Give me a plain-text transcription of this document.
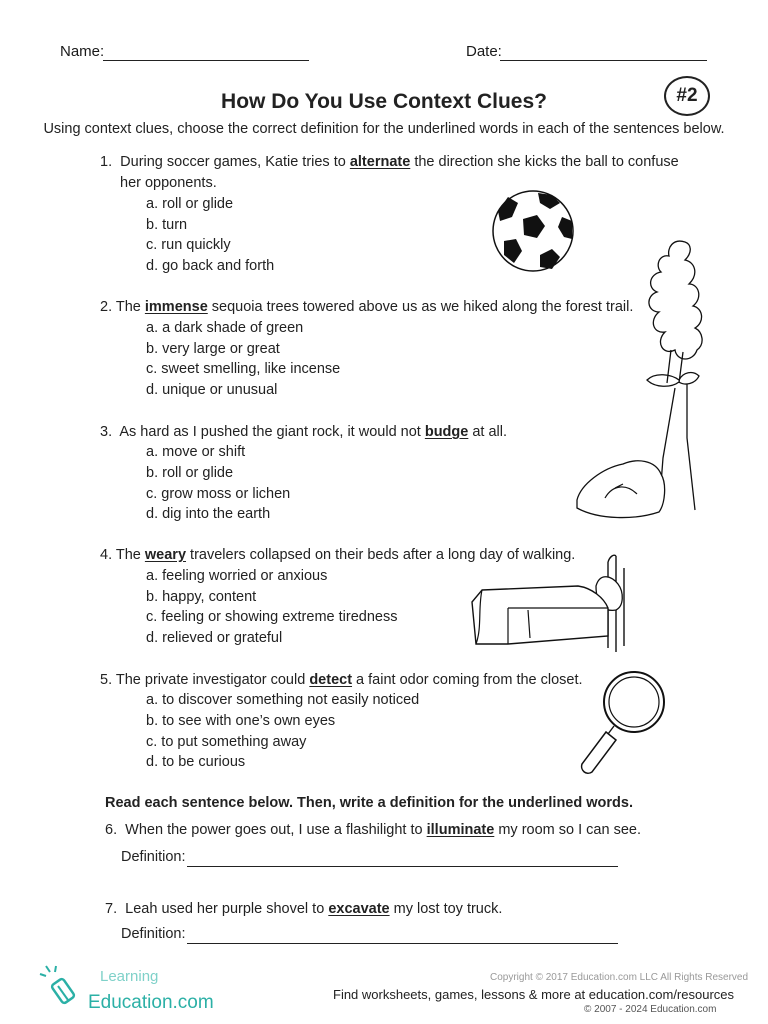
Name:	Date:
How Do You Use Context Clues?	#2
Using context clues, choose the correct definition for the underlined words in each of the sentences below.
1. During soccer games, Katie tries to alternate the direction she kicks the ball to confuse
her opponents.
a. roll or glide
b. turn
c. run quickly
d. go back and forth
2. The immense sequoia trees towered above us as we hiked along the forest trail.
a. a dark shade of green
b. very large or great
c. sweet smelling, like incense
d. unique or unusual
3. As hard as I pushed the giant rock, it would not budge at all.
a. move or shift
b. roll or glide
c. grow moss or lichen
d. dig into the earth
4. The weary travelers collapsed on their beds after a long day of walking.
a. feeling worried or anxious
b. happy, content
c. feeling or showing extreme tiredness
d. relieved or grateful
5. The private investigator could detect a faint odor coming from the closet.
a. to discover something not easily noticed
b. to see with one’s own eyes
c. to put something away
d. to be curious
Read each sentence below. Then, write a definition for the underlined words.
6. When the power goes out, I use a flashilight to illuminate my room so I can see.
Definition:
7. Leah used her purple shovel to excavate my lost toy truck.
Definition:
Copyright © 2017 Education.com LLC All Rights Reserved
Learning
Education.com	Find worksheets, games, lessons & more at education.com/resources
© 2007 - 2024 Education.com
